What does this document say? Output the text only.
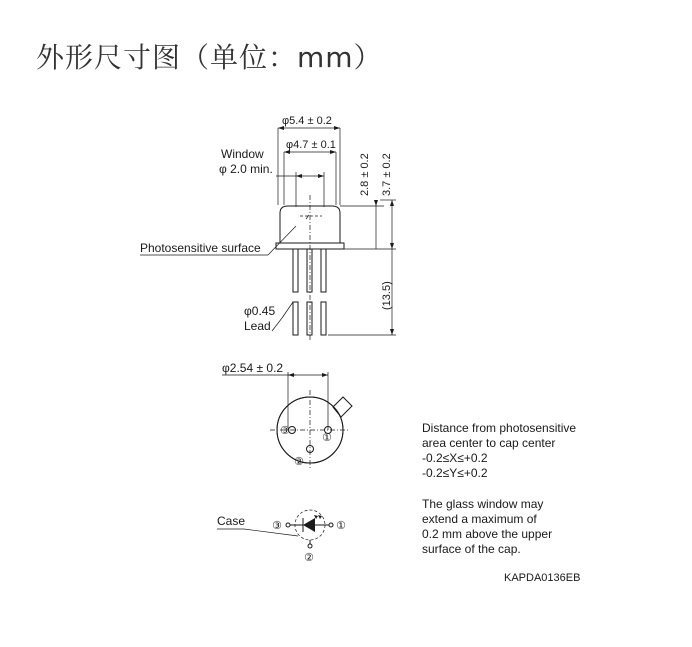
外形尺寸图（单位：mm）
φ5.4 ± 0.2
φ4.7 ± 0.1
Window
φ 2.0 min.
Photosensitive surface
2.8 ± 0.2 3.7 ± 0.2
(13.5)
φ0.45
Lead
φ2.54 ± 0.2
③
①
②
Case ③	①
②
Distance from photosensitive
area center to cap center
-0.2≤X≤+0.2
-0.2≤Y≤+0.2
The glass window may
extend a maximum of
0.2 mm above the upper
surface of the cap.
KAPDA0136EB
